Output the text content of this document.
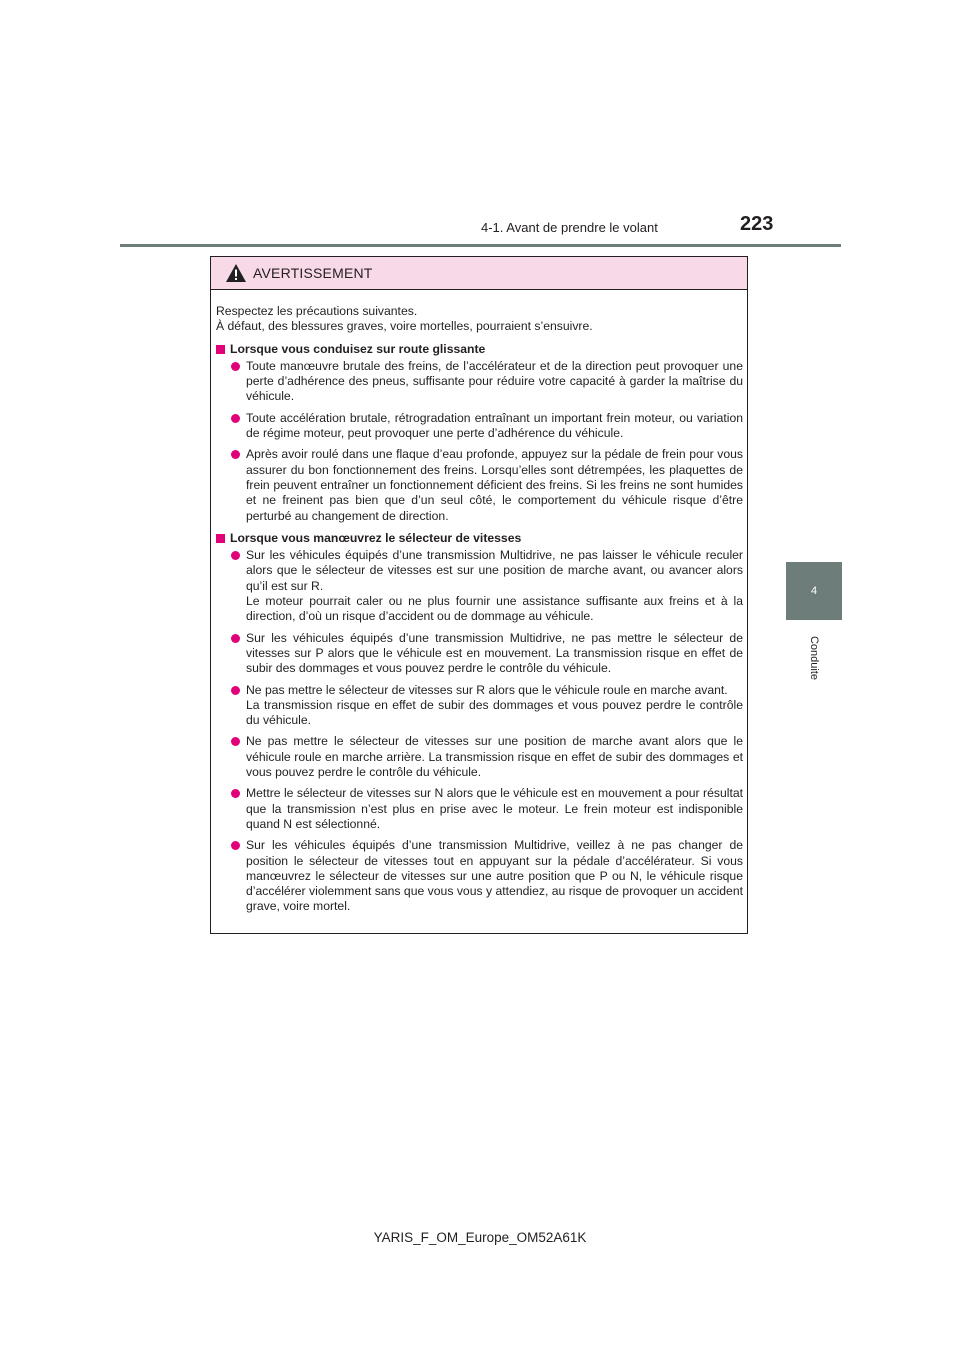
4-1. Avant de prendre le volant	223
4
Conduite
AVERTISSEMENT

Respectez les précautions suivantes.

À défaut, des blessures graves, voire mortelles, pourraient s’ensuivre.

Lorsque vous conduisez sur route glissante

Toute manœuvre brutale des freins, de l’accélérateur et de la direction peut provoquer une perte d’adhérence des pneus, suffisante pour réduire votre capacité à garder la maîtrise du véhicule.

Toute accélération brutale, rétrogradation entraînant un important frein moteur, ou variation de régime moteur, peut provoquer une perte d’adhérence du véhicule.

Après avoir roulé dans une flaque d’eau profonde, appuyez sur la pédale de frein pour vous assurer du bon fonctionnement des freins. Lorsqu’elles sont détrempées, les plaquettes de frein peuvent entraîner un fonctionnement déficient des freins. Si les freins ne sont humides et ne freinent pas bien que d’un seul côté, le comportement du véhicule risque d’être perturbé au changement de direction.

Lorsque vous manœuvrez le sélecteur de vitesses

Sur les véhicules équipés d’une transmission Multidrive, ne pas laisser le véhicule reculer alors que le sélecteur de vitesses est sur une position de marche avant, ou avancer alors qu’il est sur R.

Le moteur pourrait caler ou ne plus fournir une assistance suffisante aux freins et à la direction, d’où un risque d’accident ou de dommage au véhicule.

Sur les véhicules équipés d’une transmission Multidrive, ne pas mettre le sélecteur de vitesses sur P alors que le véhicule est en mouvement. La transmission risque en effet de subir des dommages et vous pouvez perdre le contrôle du véhicule.

Ne pas mettre le sélecteur de vitesses sur R alors que le véhicule roule en marche avant.

La transmission risque en effet de subir des dommages et vous pouvez perdre le contrôle du véhicule.

Ne pas mettre le sélecteur de vitesses sur une position de marche avant alors que le véhicule roule en marche arrière. La transmission risque en effet de subir des dommages et vous pouvez perdre le contrôle du véhicule.

Mettre le sélecteur de vitesses sur N alors que le véhicule est en mouvement a pour résultat que la transmission n’est plus en prise avec le moteur. Le frein moteur est indisponible quand N est sélectionné.

Sur les véhicules équipés d’une transmission Multidrive, veillez à ne pas changer de position le sélecteur de vitesses tout en appuyant sur la pédale d’accélérateur. Si vous manœuvrez le sélecteur de vitesses sur une autre position que P ou N, le véhicule risque d’accélérer violemment sans que vous vous y attendiez, au risque de provoquer un accident grave, voire mortel.

YARIS_F_OM_Europe_OM52A61K
